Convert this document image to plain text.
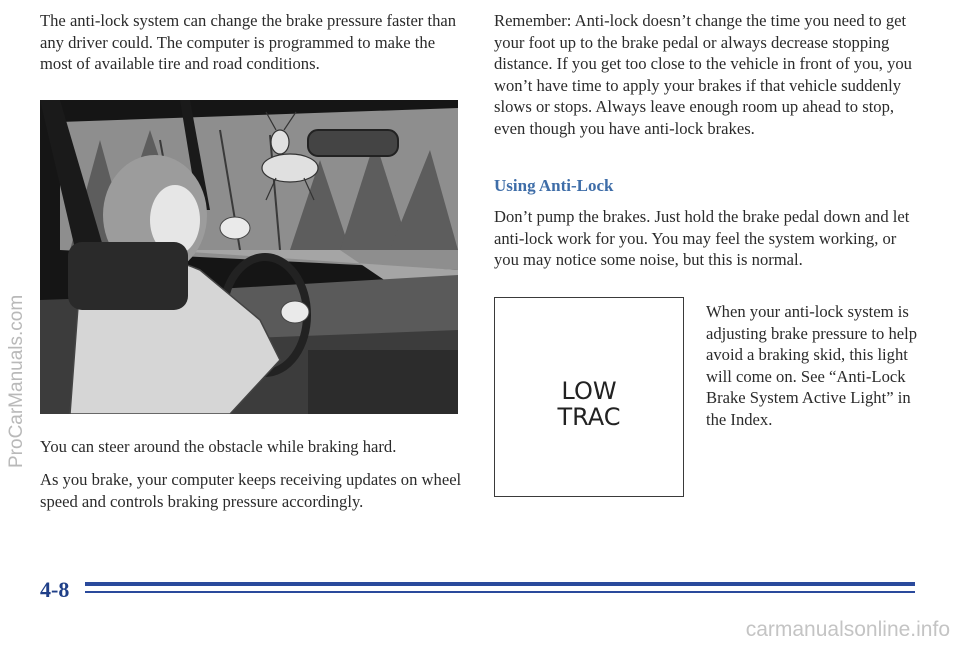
The anti-lock system can change the brake pressure faster than any driver could. The computer is programmed to make the most of available tire and road conditions.

You can steer around the obstacle while braking hard.

As you brake, your computer keeps receiving updates on wheel speed and controls braking pressure accordingly.

Remember: Anti-lock doesn’t change the time you need to get your foot up to the brake pedal or always decrease stopping distance. If you get too close to the vehicle in front of you, you won’t have time to apply your brakes if that vehicle suddenly slows or stops. Always leave enough room up ahead to stop, even though you have anti-lock brakes.

Using Anti-Lock

Don’t pump the brakes. Just hold the brake pedal down and let anti-lock work for you. You may feel the system working, or you may notice some noise, but this is normal.

LOW
TRAC

When your anti-lock system is adjusting brake pressure to help avoid a braking skid, this light will come on. See “Anti-Lock Brake System Active Light” in the Index.

4-8

ProCarManuals.com
carmanualsonline.info
